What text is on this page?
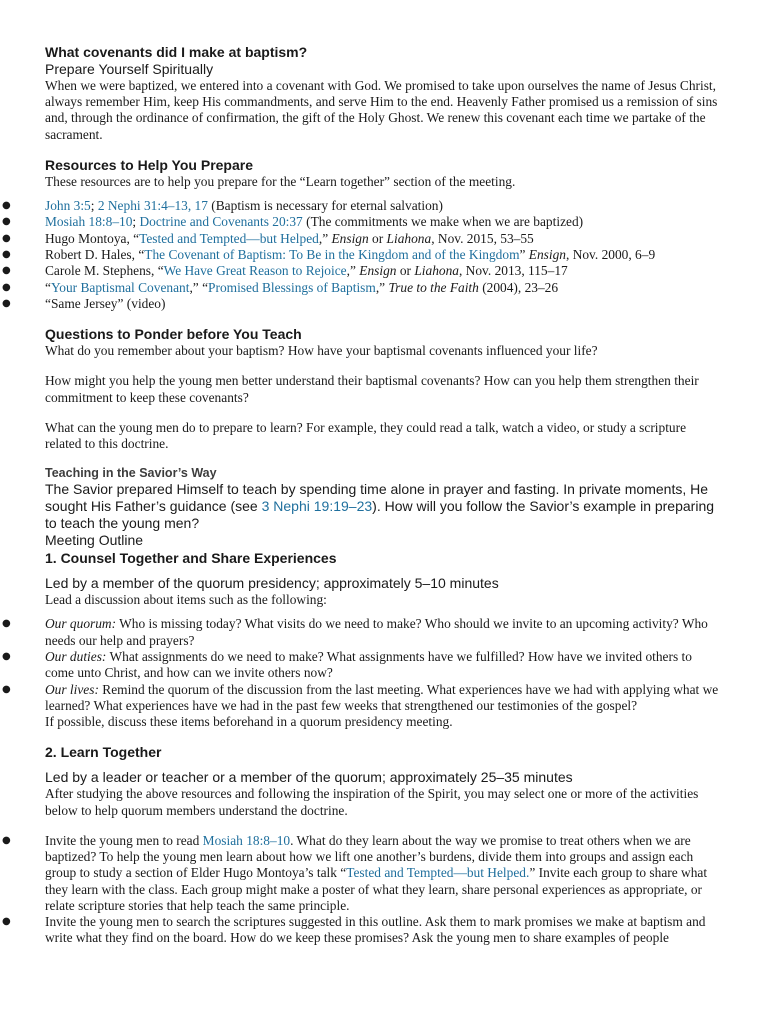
What covenants did I make at baptism?

Prepare Yourself Spiritually

When we were baptized, we entered into a covenant with God. We promised to take upon ourselves the name of Jesus Christ, always remember Him, keep His commandments, and serve Him to the end. Heavenly Father promised us a remission of sins and, through the ordinance of confirmation, the gift of the Holy Ghost. We renew this covenant each time we partake of the sacrament.

Resources to Help You Prepare

These resources are to help you prepare for the “Learn together” section of the meeting.

●	John 3:5; 2 Nephi 31:4–13, 17 (Baptism is necessary for eternal salvation)
●	Mosiah 18:8–10; Doctrine and Covenants 20:37 (The commitments we make when we are baptized)
●	Hugo Montoya, “Tested and Tempted—but Helped,” Ensign or Liahona, Nov. 2015, 53–55
●	Robert D. Hales, “The Covenant of Baptism: To Be in the Kingdom and of the Kingdom” Ensign, Nov. 2000, 6–9
●	Carole M. Stephens, “We Have Great Reason to Rejoice,” Ensign or Liahona, Nov. 2013, 115–17
●	“Your Baptismal Covenant,” “Promised Blessings of Baptism,” True to the Faith (2004), 23–26
●	“Same Jersey” (video)

Questions to Ponder before You Teach

What do you remember about your baptism? How have your baptismal covenants influenced your life?

How might you help the young men better understand their baptismal covenants? How can you help them strengthen their commitment to keep these covenants?

What can the young men do to prepare to learn? For example, they could read a talk, watch a video, or study a scripture related to this doctrine.

Teaching in the Savior’s Way

The Savior prepared Himself to teach by spending time alone in prayer and fasting. In private moments, He sought His Father’s guidance (see 3 Nephi 19:19–23). How will you follow the Savior’s example in preparing to teach the young men?

Meeting Outline

1. Counsel Together and Share Experiences

Led by a member of the quorum presidency; approximately 5–10 minutes

Lead a discussion about items such as the following:

●	Our quorum: Who is missing today? What visits do we need to make? Who should we invite to an upcoming activity? Who needs our help and prayers?
●	Our duties: What assignments do we need to make? What assignments have we fulfilled? How have we invited others to come unto Christ, and how can we invite others now?
●	Our lives: Remind the quorum of the discussion from the last meeting. What experiences have we had with applying what we learned? What experiences have we had in the past few weeks that strengthened our testimonies of the gospel?

If possible, discuss these items beforehand in a quorum presidency meeting.

2. Learn Together

Led by a leader or teacher or a member of the quorum; approximately 25–35 minutes

After studying the above resources and following the inspiration of the Spirit, you may select one or more of the activities below to help quorum members understand the doctrine.

●	Invite the young men to read Mosiah 18:8–10. What do they learn about the way we promise to treat others when we are baptized? To help the young men learn about how we lift one another’s burdens, divide them into groups and assign each group to study a section of Elder Hugo Montoya’s talk “Tested and Tempted—but Helped.” Invite each group to share what they learn with the class. Each group might make a poster of what they learn, share personal experiences as appropriate, or relate scripture stories that help teach the same principle.
●	Invite the young men to search the scriptures suggested in this outline. Ask them to mark promises we make at baptism and write what they find on the board. How do we keep these promises? Ask the young men to share examples of people
